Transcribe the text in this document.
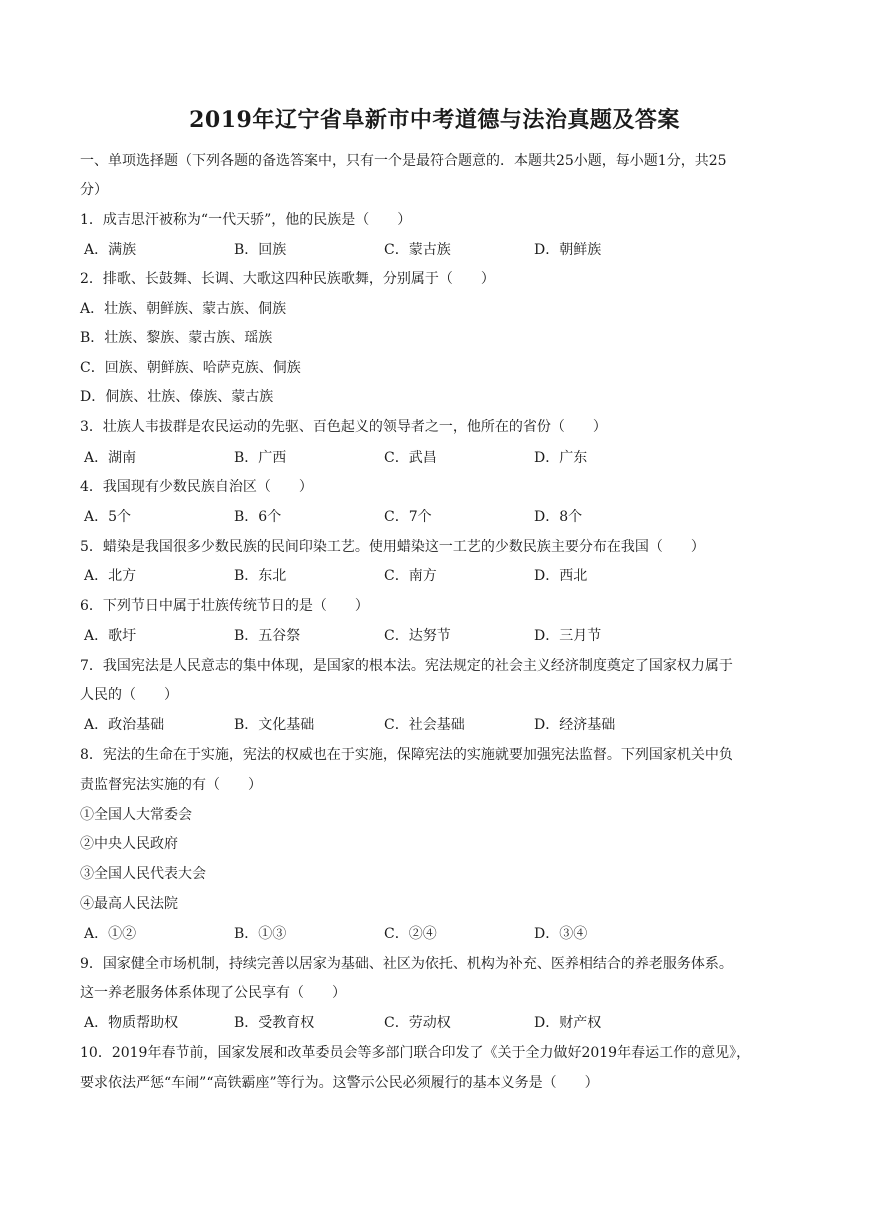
2019年辽宁省阜新市中考道德与法治真题及答案
一、单项选择题（下列各题的备选答案中，只有一个是最符合题意的．本题共25小题，每小题1分，共25
分）
1．成吉思汗被称为“一代天骄”，他的民族是（　　）
A．满族	B．回族	C．蒙古族	D．朝鲜族
2．排歌、长鼓舞、长调、大歌这四种民族歌舞，分别属于（　　）
A．壮族、朝鲜族、蒙古族、侗族
B．壮族、黎族、蒙古族、瑶族
C．回族、朝鲜族、哈萨克族、侗族
D．侗族、壮族、傣族、蒙古族
3．壮族人韦拔群是农民运动的先驱、百色起义的领导者之一，他所在的省份（　　）
A．湖南	B．广西	C．武昌	D．广东
4．我国现有少数民族自治区（　　）
A．5个	B．6个	C．7个	D．8个
5．蜡染是我国很多少数民族的民间印染工艺。使用蜡染这一工艺的少数民族主要分布在我国（　　）
A．北方	B．东北	C．南方	D．西北
6．下列节日中属于壮族传统节日的是（　　）
A．歌圩	B．五谷祭	C．达努节	D．三月节
7．我国宪法是人民意志的集中体现，是国家的根本法。宪法规定的社会主义经济制度奠定了国家权力属于
人民的（　　）
A．政治基础	B．文化基础	C．社会基础	D．经济基础
8．宪法的生命在于实施，宪法的权威也在于实施，保障宪法的实施就要加强宪法监督。下列国家机关中负
责监督宪法实施的有（　　）
①全国人大常委会
②中央人民政府
③全国人民代表大会
④最高人民法院
A．①②	B．①③	C．②④	D．③④
9．国家健全市场机制，持续完善以居家为基础、社区为依托、机构为补充、医养相结合的养老服务体系。
这一养老服务体系体现了公民享有（　　）
A．物质帮助权	B．受教育权	C．劳动权	D．财产权
10．2019年春节前，国家发展和改革委员会等多部门联合印发了《关于全力做好2019年春运工作的意见》，
要求依法严惩“车闹”“高铁霸座”等行为。这警示公民必须履行的基本义务是（　　）
